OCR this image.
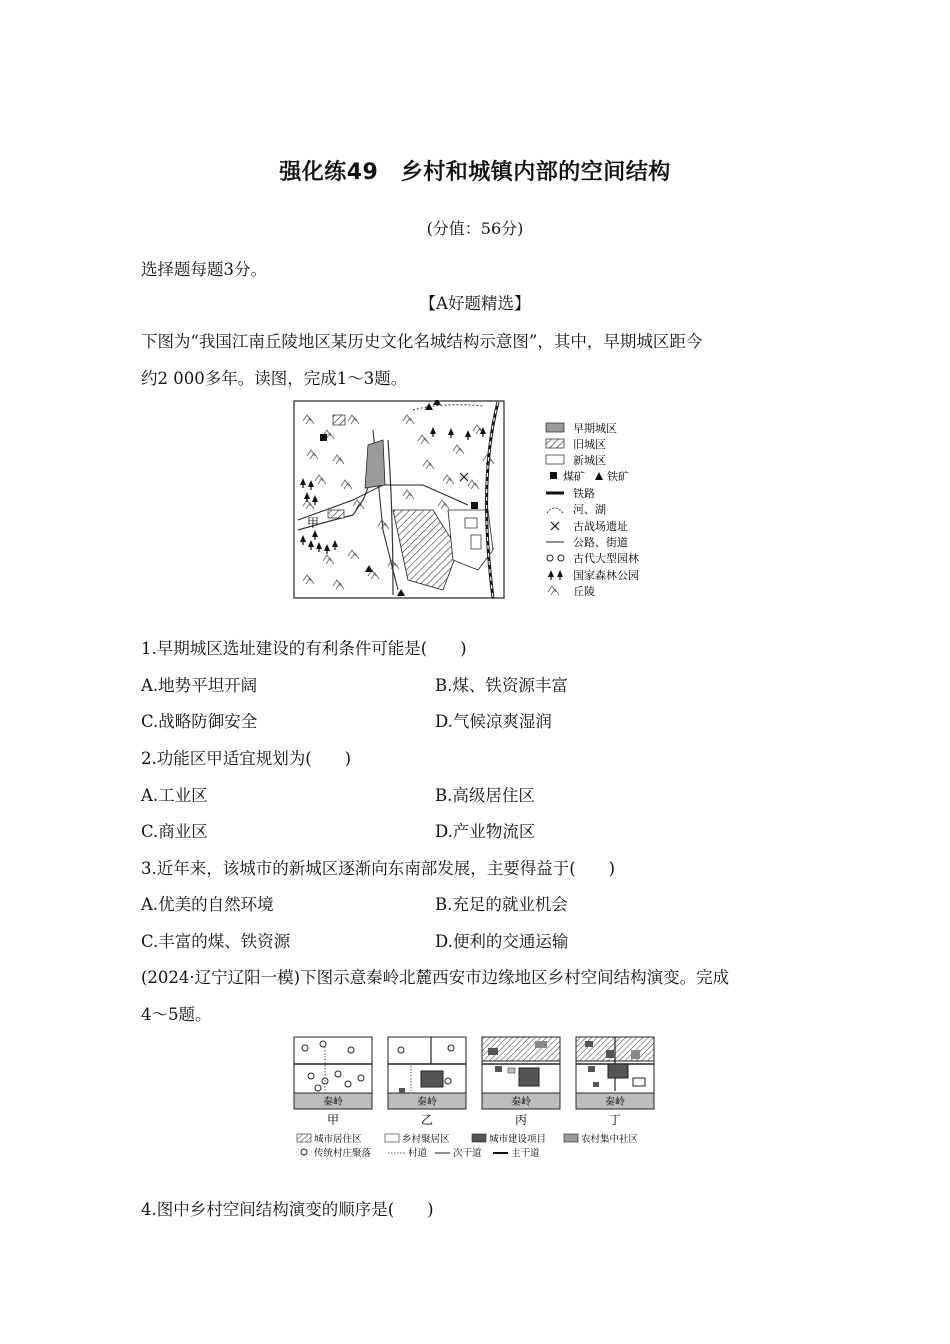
强化练49　乡村和城镇内部的空间结构
(分值：56分)
选择题每题3分。
【A好题精选】
下图为“我国江南丘陵地区某历史文化名城结构示意图”，其中，早期城区距今
约2 000多年。读图，完成1～3题。
甲
早期城区
旧城区
新城区
煤矿 铁矿
铁路
河、湖
古战场遗址
公路、街道
古代大型园林
国家森林公园
丘陵
1.早期城区选址建设的有利条件可能是(　　)
A.地势平坦开阔	B.煤、铁资源丰富
C.战略防御安全	D.气候凉爽湿润
2.功能区甲适宜规划为(　　)
A.工业区	B.高级居住区
C.商业区	D.产业物流区
3.近年来，该城市的新城区逐渐向东南部发展，主要得益于(　　)
A.优美的自然环境	B.充足的就业机会
C.丰富的煤、铁资源	D.便利的交通运输
(2024·辽宁辽阳一模)下图示意秦岭北麓西安市边缘地区乡村空间结构演变。完成
4～5题。
秦岭
甲
秦岭
乙
秦岭
丙
秦岭
丁
城市居住区	乡村聚居区	城市建设项目	农村集中社区
传统村庄聚落	村道	次干道	主干道
4.图中乡村空间结构演变的顺序是(　　)
